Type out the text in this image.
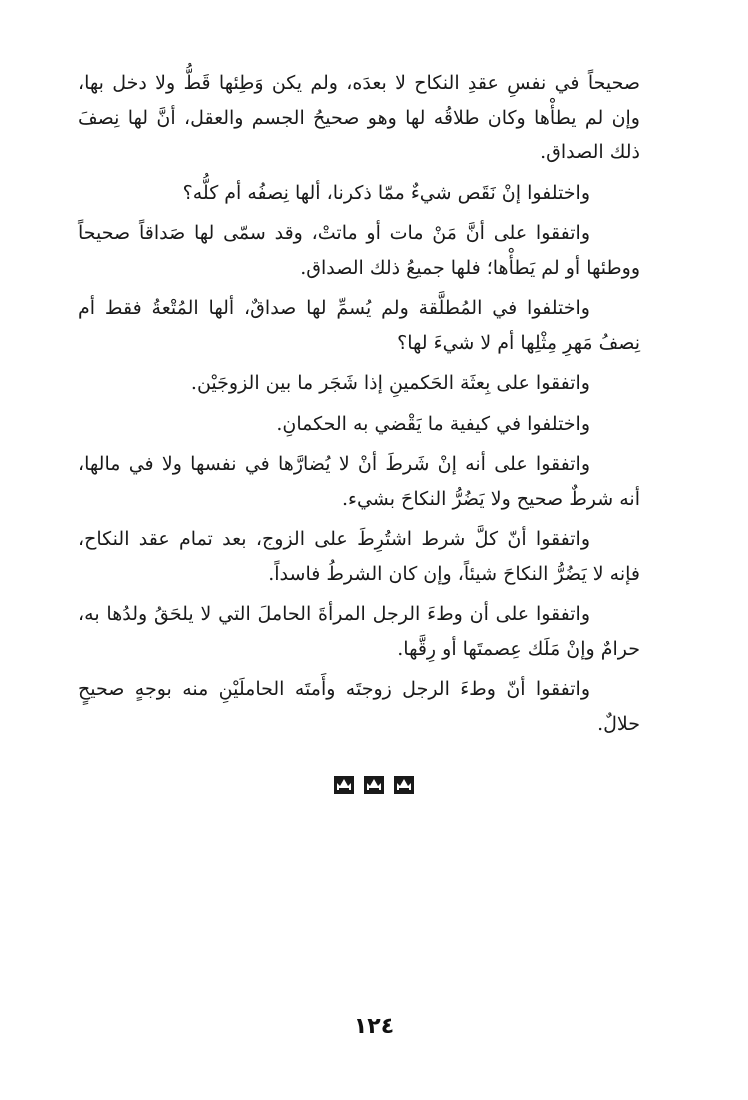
صحيحاً في نفسِ عقدِ النكاح لا بعدَه، ولم يكن وَطِئها قَطُّ ولا دخل بها، وإن لم يطأْها وكان طلاقُه لها وهو صحيحُ الجسم والعقل، أنَّ لها نِصفَ ذلك الصداق.

واختلفوا إنْ نَقَص شيءٌ ممّا ذكرنا، ألها نِصفُه أم كلُّه؟

واتفقوا على أنَّ مَنْ مات أو ماتتْ، وقد سمّى لها صَداقاً صحيحاً ووطئها أو لم يَطأْها؛ فلها جميعُ ذلك الصداق.

واختلفوا في المُطلَّقة ولم يُسمِّ لها صداقٌ، ألها المُتْعةُ فقط أم نِصفُ مَهرِ مِثْلِها أم لا شيءَ لها؟

واتفقوا على بِعثَة الحَكمينِ إذا شَجَر ما بين الزوجَيْن.

واختلفوا في كيفية ما يَقْضي به الحكمانِ.

واتفقوا على أنه إنْ شَرطَ أنْ لا يُضارَّها في نفسها ولا في مالها، أنه شرطٌ صحيح ولا يَضُرُّ النكاحَ بشيء.

واتفقوا أنّ كلَّ شرط اشتُرِطَ على الزوج، بعد تمام عقد النكاح، فإنه لا يَضُرُّ النكاحَ شيئاً، وإن كان الشرطُ فاسداً.

واتفقوا على أن وطءَ الرجل المرأةَ الحاملَ التي لا يلحَقُ ولدُها به، حرامٌ وإنْ مَلَك عِصمتَها أو رِقَّها.

واتفقوا أنّ وطءَ الرجل زوجتَه وأَمتَه الحاملَيْنِ منه بوجهٍ صحيحٍ حلالٌ.

١٢٤
